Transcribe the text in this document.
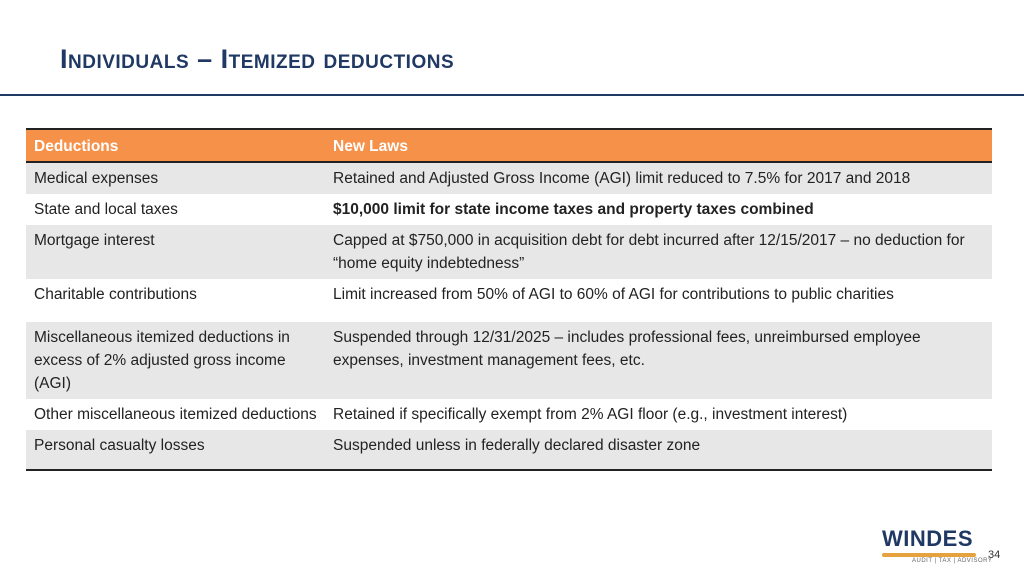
Individuals – Itemized deductions
Deductions	New Laws
Medical expenses	Retained and Adjusted Gross Income (AGI) limit reduced to 7.5% for 2017 and 2018
State and local taxes	$10,000 limit for state income taxes and property taxes combined
Mortgage interest	Capped at $750,000 in acquisition debt for debt incurred after 12/15/2017 – no deduction for “home equity indebtedness”
Charitable contributions	Limit increased from 50% of AGI to 60% of AGI for contributions to public charities
Miscellaneous itemized deductions in excess of 2% adjusted gross income (AGI)	Suspended through 12/31/2025 – includes professional fees, unreimbursed employee expenses, investment management fees, etc.
Other miscellaneous itemized deductions	Retained if specifically exempt from 2% AGI floor (e.g., investment interest)
Personal casualty losses	Suspended unless in federally declared disaster zone
WINDES
AUDIT | TAX | ADVISORY
34
